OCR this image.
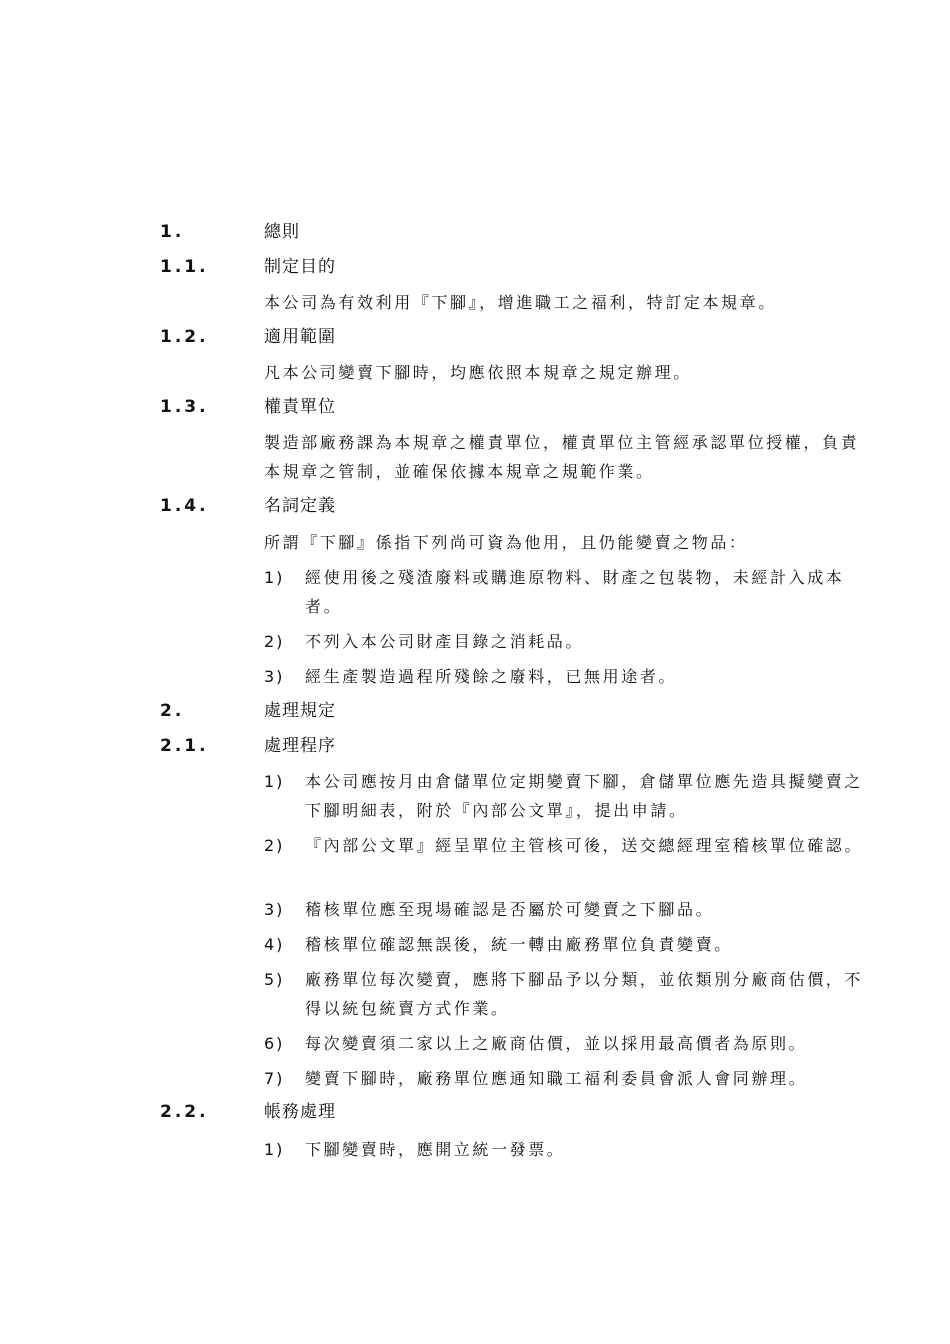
1.	總則
1.1.	制定目的
本公司為有效利用『下腳』，增進職工之福利，特訂定本規章。
1.2.	適用範圍
凡本公司變賣下腳時，均應依照本規章之規定辦理。
1.3.	權責單位
製造部廠務課為本規章之權責單位，權責單位主管經承認單位授權，負責本規章之管制，並確保依據本規章之規範作業。
1.4.	名詞定義
所謂『下腳』係指下列尚可資為他用，且仍能變賣之物品：
1) 經使用後之殘渣廢料或購進原物料、財產之包裝物，未經計入成本者。
2) 不列入本公司財產目錄之消耗品。
3) 經生產製造過程所殘餘之廢料，已無用途者。
2.	處理規定
2.1.	處理程序
1) 本公司應按月由倉儲單位定期變賣下腳，倉儲單位應先造具擬變賣之下腳明細表，附於『內部公文單』，提出申請。
2) 『內部公文單』經呈單位主管核可後，送交總經理室稽核單位確認。
3) 稽核單位應至現場確認是否屬於可變賣之下腳品。
4) 稽核單位確認無誤後，統一轉由廠務單位負責變賣。
5) 廠務單位每次變賣，應將下腳品予以分類，並依類別分廠商估價，不得以統包統賣方式作業。
6) 每次變賣須二家以上之廠商估價，並以採用最高價者為原則。
7) 變賣下腳時，廠務單位應通知職工福利委員會派人會同辦理。
2.2.	帳務處理
1) 下腳變賣時，應開立統一發票。
